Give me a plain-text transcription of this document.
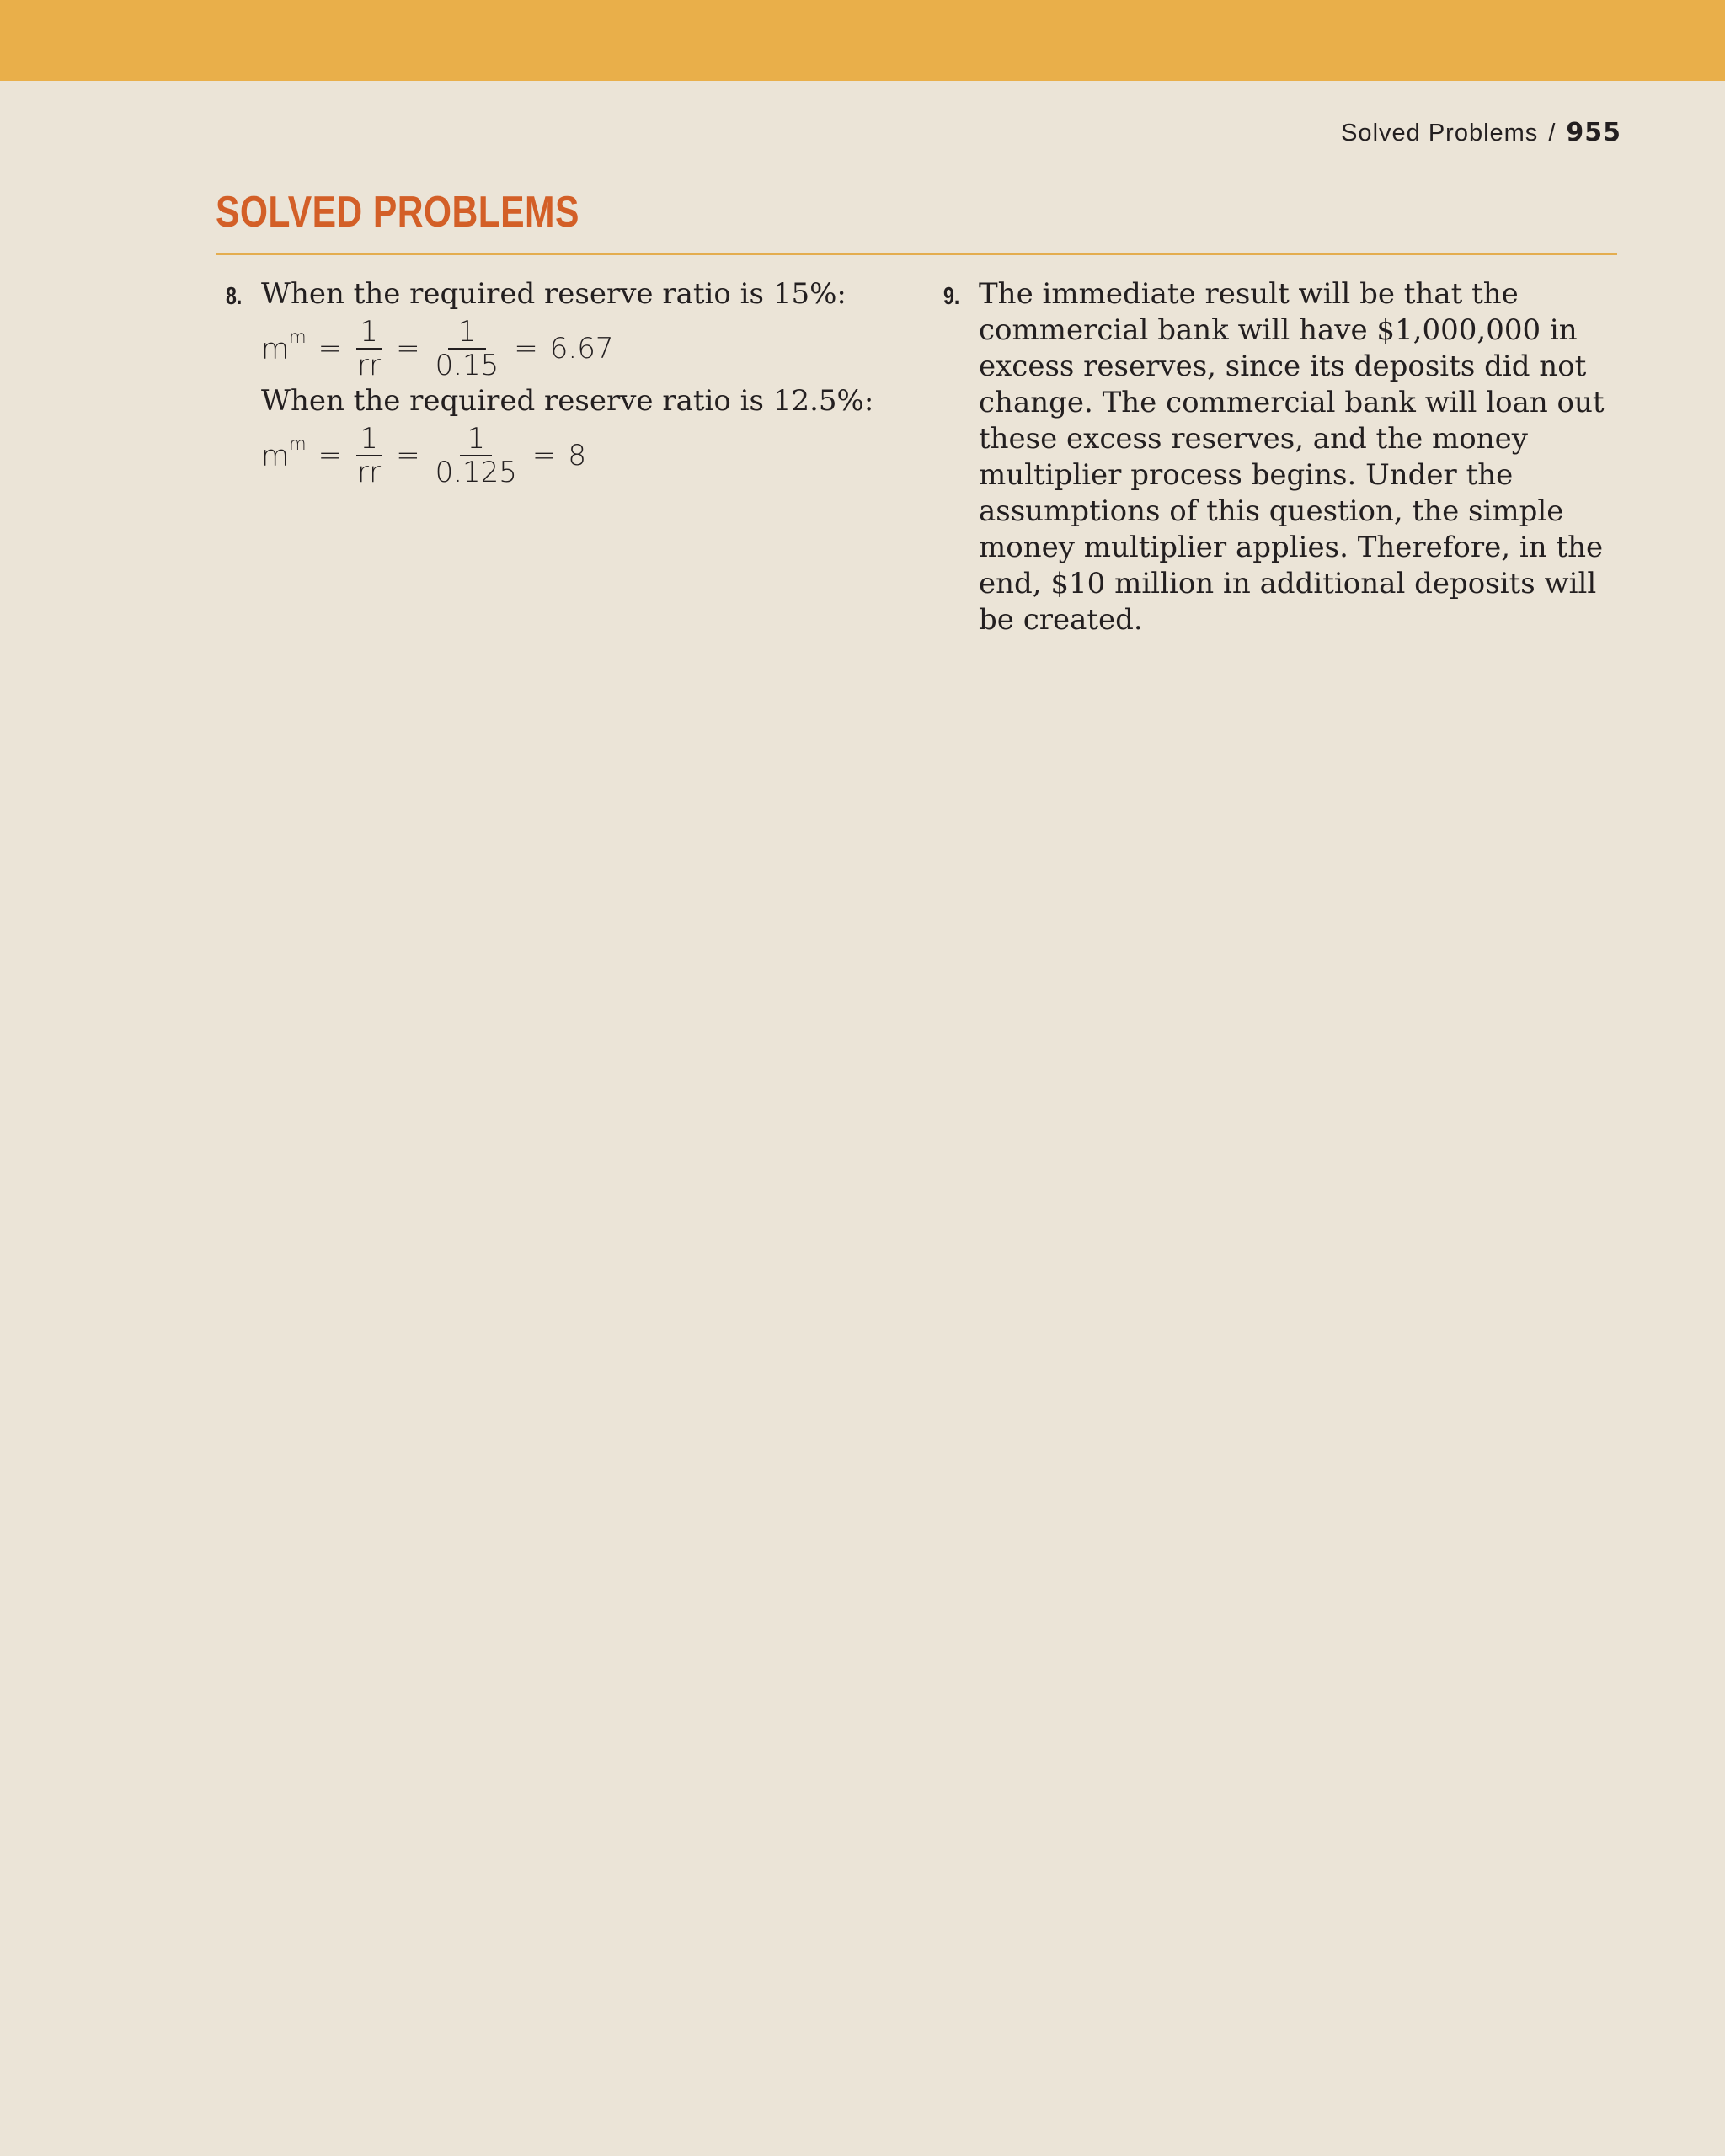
Solved Problems / 955
SOLVED PROBLEMS
8. When the required reserve ratio is 15%:
$m^m = \frac{1}{rr} = \frac{1}{0.15} = 6.67$
When the required reserve ratio is 12.5%:
$m^m = \frac{1}{rr} = \frac{1}{0.125} = 8$
9. The immediate result will be that the commercial bank will have $1,000,000 in excess reserves, since its deposits did not change. The commercial bank will loan out these excess reserves, and the money multiplier process begins. Under the assumptions of this question, the simple money multiplier applies. Therefore, in the end, $10 million in additional deposits will be created.
